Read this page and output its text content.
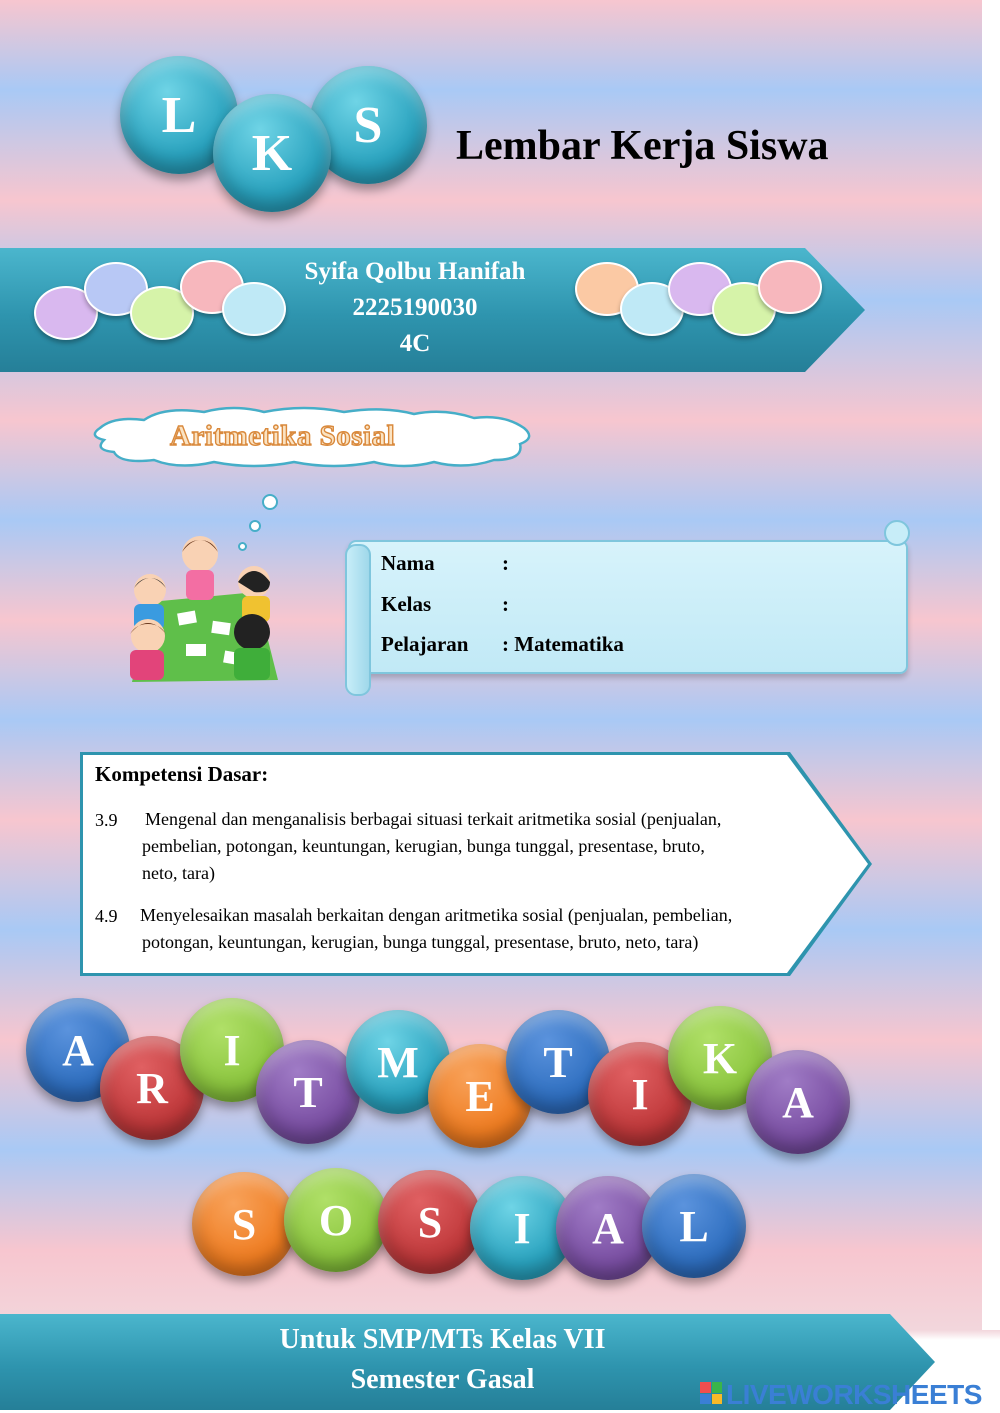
L	S
K	Lembar Kerja Siswa
Syifa Qolbu Hanifah
2225190030
4C
Aritmetika Sosial
Nama	:
Kelas	:
Pelajaran : Matematika
Kompetensi Dasar:
3.9 Mengenal dan menganalisis berbagai situasi terkait aritmetika sosial (penjualan,
pembelian, potongan, keuntungan, kerugian, bunga tunggal, presentase, bruto,
neto, tara)
4.9 Menyelesaikan masalah berkaitan dengan aritmetika sosial (penjualan, pembelian,
potongan, keuntungan, kerugian, bunga tunggal, presentase, bruto, neto, tara)
A
R
I
T
M
E
T
I
K
A
S O S I A L
Untuk SMP/MTs Kelas VII
Semester Gasal	LIVEWORKSHEETS
